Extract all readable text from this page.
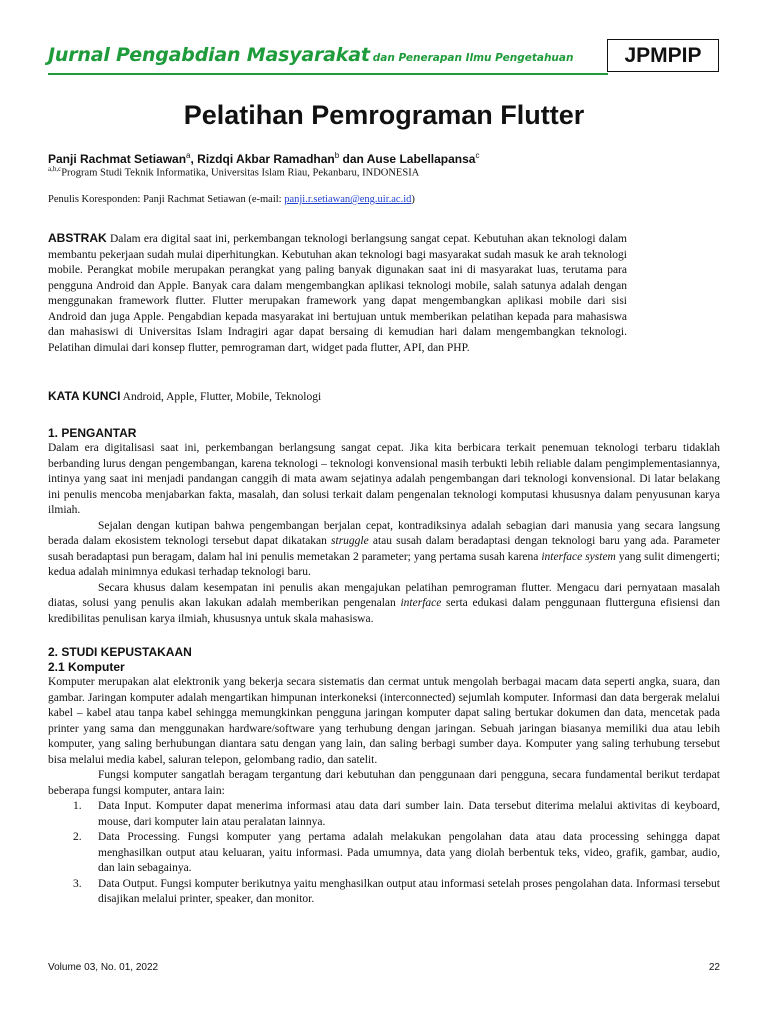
Jurnal Pengabdian Masyarakat dan Penerapan Ilmu Pengetahuan	JPMPIP
Pelatihan Pemrograman Flutter
Panji Rachmat Setiawan$^a$, Rizdqi Akbar Ramadhan$^b$ dan Ause Labellapansa$^c$
$^{a,b,c}$Program Studi Teknik Informatika, Universitas Islam Riau, Pekanbaru, INDONESIA
Penulis Koresponden: Panji Rachmat Setiawan (e-mail: panji.r.setiawan@eng.uir.ac.id)
ABSTRAK Dalam era digital saat ini, perkembangan teknologi berlangsung sangat cepat. Kebutuhan akan teknologi dalam membantu pekerjaan sudah mulai diperhitungkan. Kebutuhan akan teknologi bagi masyarakat sudah masuk ke arah teknologi mobile. Perangkat mobile merupakan perangkat yang paling banyak digunakan saat ini di masyarakat luas, terutama para pengguna Android dan Apple. Banyak cara dalam mengembangkan aplikasi teknologi mobile, salah satunya adalah dengan menggunakan framework flutter. Flutter merupakan framework yang dapat mengembangkan aplikasi mobile dari sisi Android dan juga Apple. Pengabdian kepada masyarakat ini bertujuan untuk memberikan pelatihan kepada para mahasiswa dan mahasiswi di Universitas Islam Indragiri agar dapat bersaing di kemudian hari dalam mengembangkan teknologi. Pelatihan dimulai dari konsep flutter, pemrograman dart, widget pada flutter, API, dan PHP.
KATA KUNCI Android, Apple, Flutter, Mobile, Teknologi
1. PENGANTAR

Dalam era digitalisasi saat ini, perkembangan berlangsung sangat cepat. Jika kita berbicara terkait penemuan teknologi terbaru tidaklah berbanding lurus dengan pengembangan, karena teknologi – teknologi konvensional masih terbukti lebih reliable dalam pengimplementasiannya, intinya yang saat ini menjadi pandangan canggih di mata awam sejatinya adalah pengembangan dari teknologi konvensional. Di latar belakang ini penulis mencoba menjabarkan fakta, masalah, dan solusi terkait dalam pengenalan teknologi komputasi khususnya dalam penyusunan karya ilmiah.

Sejalan dengan kutipan bahwa pengembangan berjalan cepat, kontradiksinya adalah sebagian dari manusia yang secara langsung berada dalam ekosistem teknologi tersebut dapat dikatakan struggle atau susah dalam beradaptasi dengan teknologi baru yang ada. Parameter susah beradaptasi pun beragam, dalam hal ini penulis memetakan 2 parameter; yang pertama susah karena interface system yang sulit dimengerti; kedua adalah minimnya edukasi terhadap teknologi baru.

Secara khusus dalam kesempatan ini penulis akan mengajukan pelatihan pemrograman flutter. Mengacu dari pernyataan masalah diatas, solusi yang penulis akan lakukan adalah memberikan pengenalan interface serta edukasi dalam penggunaan flutterguna efisiensi dan kredibilitas penulisan karya ilmiah, khususnya untuk skala mahasiswa.

2. STUDI KEPUSTAKAAN
2.1 Komputer

Komputer merupakan alat elektronik yang bekerja secara sistematis dan cermat untuk mengolah berbagai macam data seperti angka, suara, dan gambar. Jaringan komputer adalah mengartikan himpunan interkoneksi (interconnected) sejumlah komputer. Informasi dan data bergerak melalui kabel – kabel atau tanpa kabel sehingga memungkinkan pengguna jaringan komputer dapat saling bertukar dokumen dan data, mencetak pada printer yang sama dan menggunakan hardware/software yang terhubung dengan jaringan. Sebuah jaringan biasanya memiliki dua atau lebih komputer, yang saling berhubungan diantara satu dengan yang lain, dan saling berbagi sumber daya. Komputer yang saling terhubung tersebut bisa melalui media kabel, saluran telepon, gelombang radio, dan satelit.

Fungsi komputer sangatlah beragam tergantung dari kebutuhan dan penggunaan dari pengguna, secara fundamental berikut terdapat beberapa fungsi komputer, antara lain:

1. Data Input. Komputer dapat menerima informasi atau data dari sumber lain. Data tersebut diterima melalui aktivitas di keyboard, mouse, dari komputer lain atau peralatan lainnya.
2. Data Processing. Fungsi komputer yang pertama adalah melakukan pengolahan data atau data processing sehingga dapat menghasilkan output atau keluaran, yaitu informasi. Pada umumnya, data yang diolah berbentuk teks, video, grafik, gambar, audio, dan lain sebagainya.
3. Data Output. Fungsi komputer berikutnya yaitu menghasilkan output atau informasi setelah proses pengolahan data. Informasi tersebut disajikan melalui printer, speaker, dan monitor.
Volume 03, No. 01, 2022	22
